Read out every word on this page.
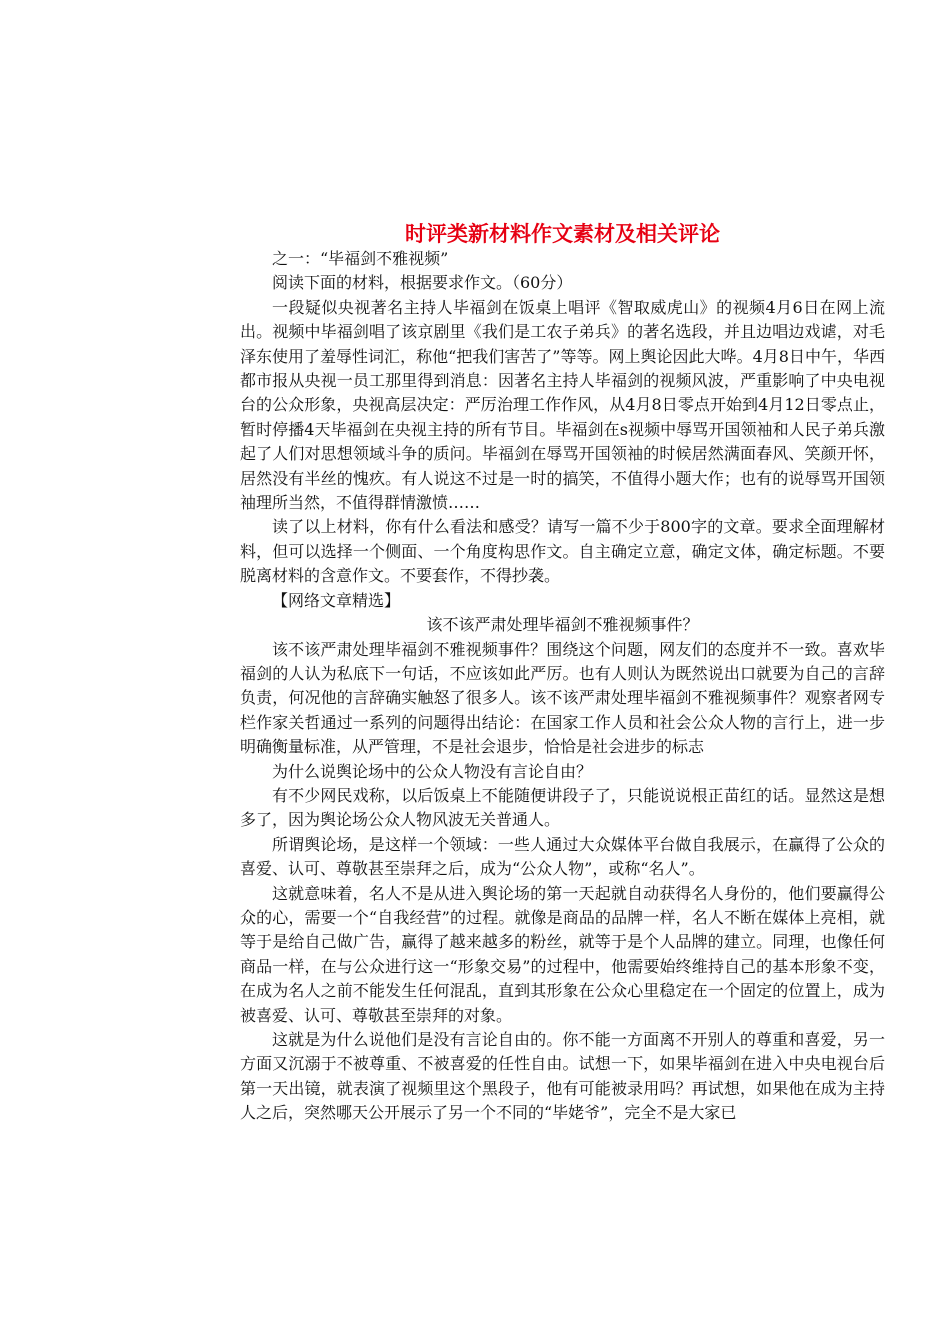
时评类新材料作文素材及相关评论

之一：“毕福剑不雅视频”

阅读下面的材料，根据要求作文。（60分）

一段疑似央视著名主持人毕福剑在饭桌上唱评《智取威虎山》的视频4月6日在网上流出。视频中毕福剑唱了该京剧里《我们是工农子弟兵》的著名选段，并且边唱边戏谑，对毛泽东使用了羞辱性词汇，称他“把我们害苦了”等等。网上舆论因此大哗。4月8日中午，华西都市报从央视一员工那里得到消息：因著名主持人毕福剑的视频风波，严重影响了中央电视台的公众形象，央视高层决定：严厉治理工作作风，从4月8日零点开始到4月12日零点止，暂时停播4天毕福剑在央视主持的所有节目。毕福剑在s视频中辱骂开国领袖和人民子弟兵激起了人们对思想领域斗争的质问。毕福剑在辱骂开国领袖的时候居然满面春风、笑颜开怀，居然没有半丝的愧疚。有人说这不过是一时的搞笑，不值得小题大作；也有的说辱骂开国领袖理所当然，不值得群情激愤……

读了以上材料，你有什么看法和感受？请写一篇不少于800字的文章。要求全面理解材料，但可以选择一个侧面、一个角度构思作文。自主确定立意，确定文体，确定标题。不要脱离材料的含意作文。不要套作，不得抄袭。

【网络文章精选】

该不该严肃处理毕福剑不雅视频事件？

该不该严肃处理毕福剑不雅视频事件？围绕这个问题，网友们的态度并不一致。喜欢毕福剑的人认为私底下一句话，不应该如此严厉。也有人则认为既然说出口就要为自己的言辞负责，何况他的言辞确实触怒了很多人。该不该严肃处理毕福剑不雅视频事件？观察者网专栏作家关哲通过一系列的问题得出结论：在国家工作人员和社会公众人物的言行上，进一步明确衡量标准，从严管理，不是社会退步，恰恰是社会进步的标志

为什么说舆论场中的公众人物没有言论自由？

有不少网民戏称，以后饭桌上不能随便讲段子了，只能说说根正苗红的话。显然这是想多了，因为舆论场公众人物风波无关普通人。

所谓舆论场，是这样一个领域：一些人通过大众媒体平台做自我展示，在赢得了公众的喜爱、认可、尊敬甚至崇拜之后，成为“公众人物”，或称“名人”。

这就意味着，名人不是从进入舆论场的第一天起就自动获得名人身份的，他们要赢得公众的心，需要一个“自我经营”的过程。就像是商品的品牌一样，名人不断在媒体上亮相，就等于是给自己做广告，赢得了越来越多的粉丝，就等于是个人品牌的建立。同理，也像任何商品一样，在与公众进行这一“形象交易”的过程中，他需要始终维持自己的基本形象不变，在成为名人之前不能发生任何混乱，直到其形象在公众心里稳定在一个固定的位置上，成为被喜爱、认可、尊敬甚至崇拜的对象。

这就是为什么说他们是没有言论自由的。你不能一方面离不开别人的尊重和喜爱，另一方面又沉溺于不被尊重、不被喜爱的任性自由。试想一下，如果毕福剑在进入中央电视台后第一天出镜，就表演了视频里这个黑段子，他有可能被录用吗？再试想，如果他在成为主持人之后，突然哪天公开展示了另一个不同的“毕姥爷”，完全不是大家已
